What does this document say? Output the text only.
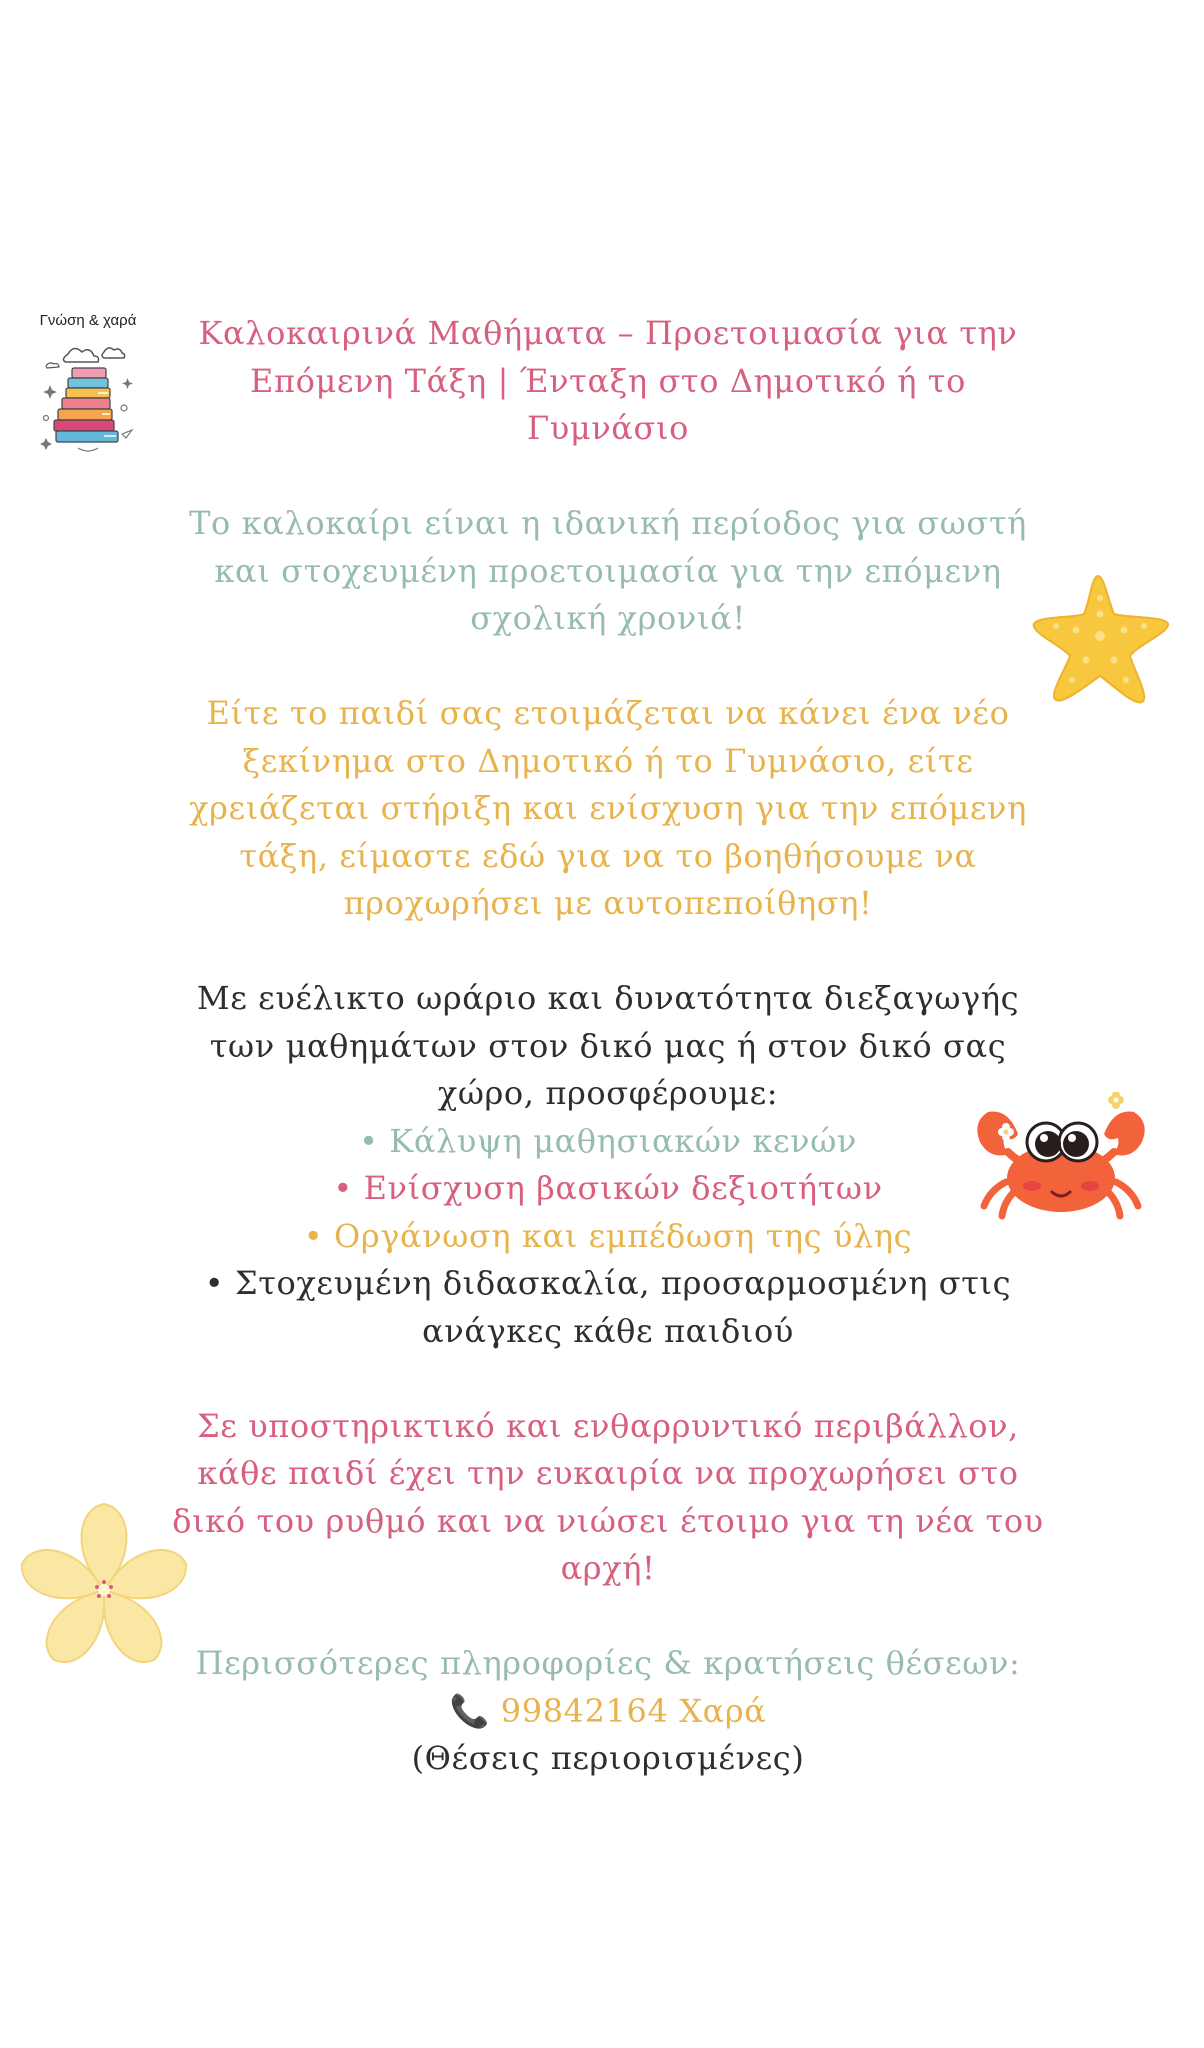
Γνώση & χαρά	Καλοκαιρινά Μαθήματα – Προετοιμασία για την Επόμενη Τάξη | Ένταξη στο Δημοτικό ή το Γυμνάσιο

Το καλοκαίρι είναι η ιδανική περίοδος για σωστή και στοχευμένη προετοιμασία για την επόμενη σχολική χρονιά!

Είτε το παιδί σας ετοιμάζεται να κάνει ένα νέο ξεκίνημα στο Δημοτικό ή το Γυμνάσιο, είτε χρειάζεται στήριξη και ενίσχυση για την επόμενη τάξη, είμαστε εδώ για να το βοηθήσουμε να προχωρήσει με αυτοπεποίθηση!

Με ευέλικτο ωράριο και δυνατότητα διεξαγωγής των μαθημάτων στον δικό μας ή στον δικό σας χώρο, προσφέρουμε:

• Κάλυψη μαθησιακών κενών

• Ενίσχυση βασικών δεξιοτήτων

• Οργάνωση και εμπέδωση της ύλης

• Στοχευμένη διδασκαλία, προσαρμοσμένη στις ανάγκες κάθε παιδιού

Σε υποστηρικτικό και ενθαρρυντικό περιβάλλον, κάθε παιδί έχει την ευκαιρία να προχωρήσει στο δικό του ρυθμό και να νιώσει έτοιμο για τη νέα του αρχή!

Περισσότερες πληροφορίες & κρατήσεις θέσεων:

📞 99842164 Χαρά

(Θέσεις περιορισμένες)
